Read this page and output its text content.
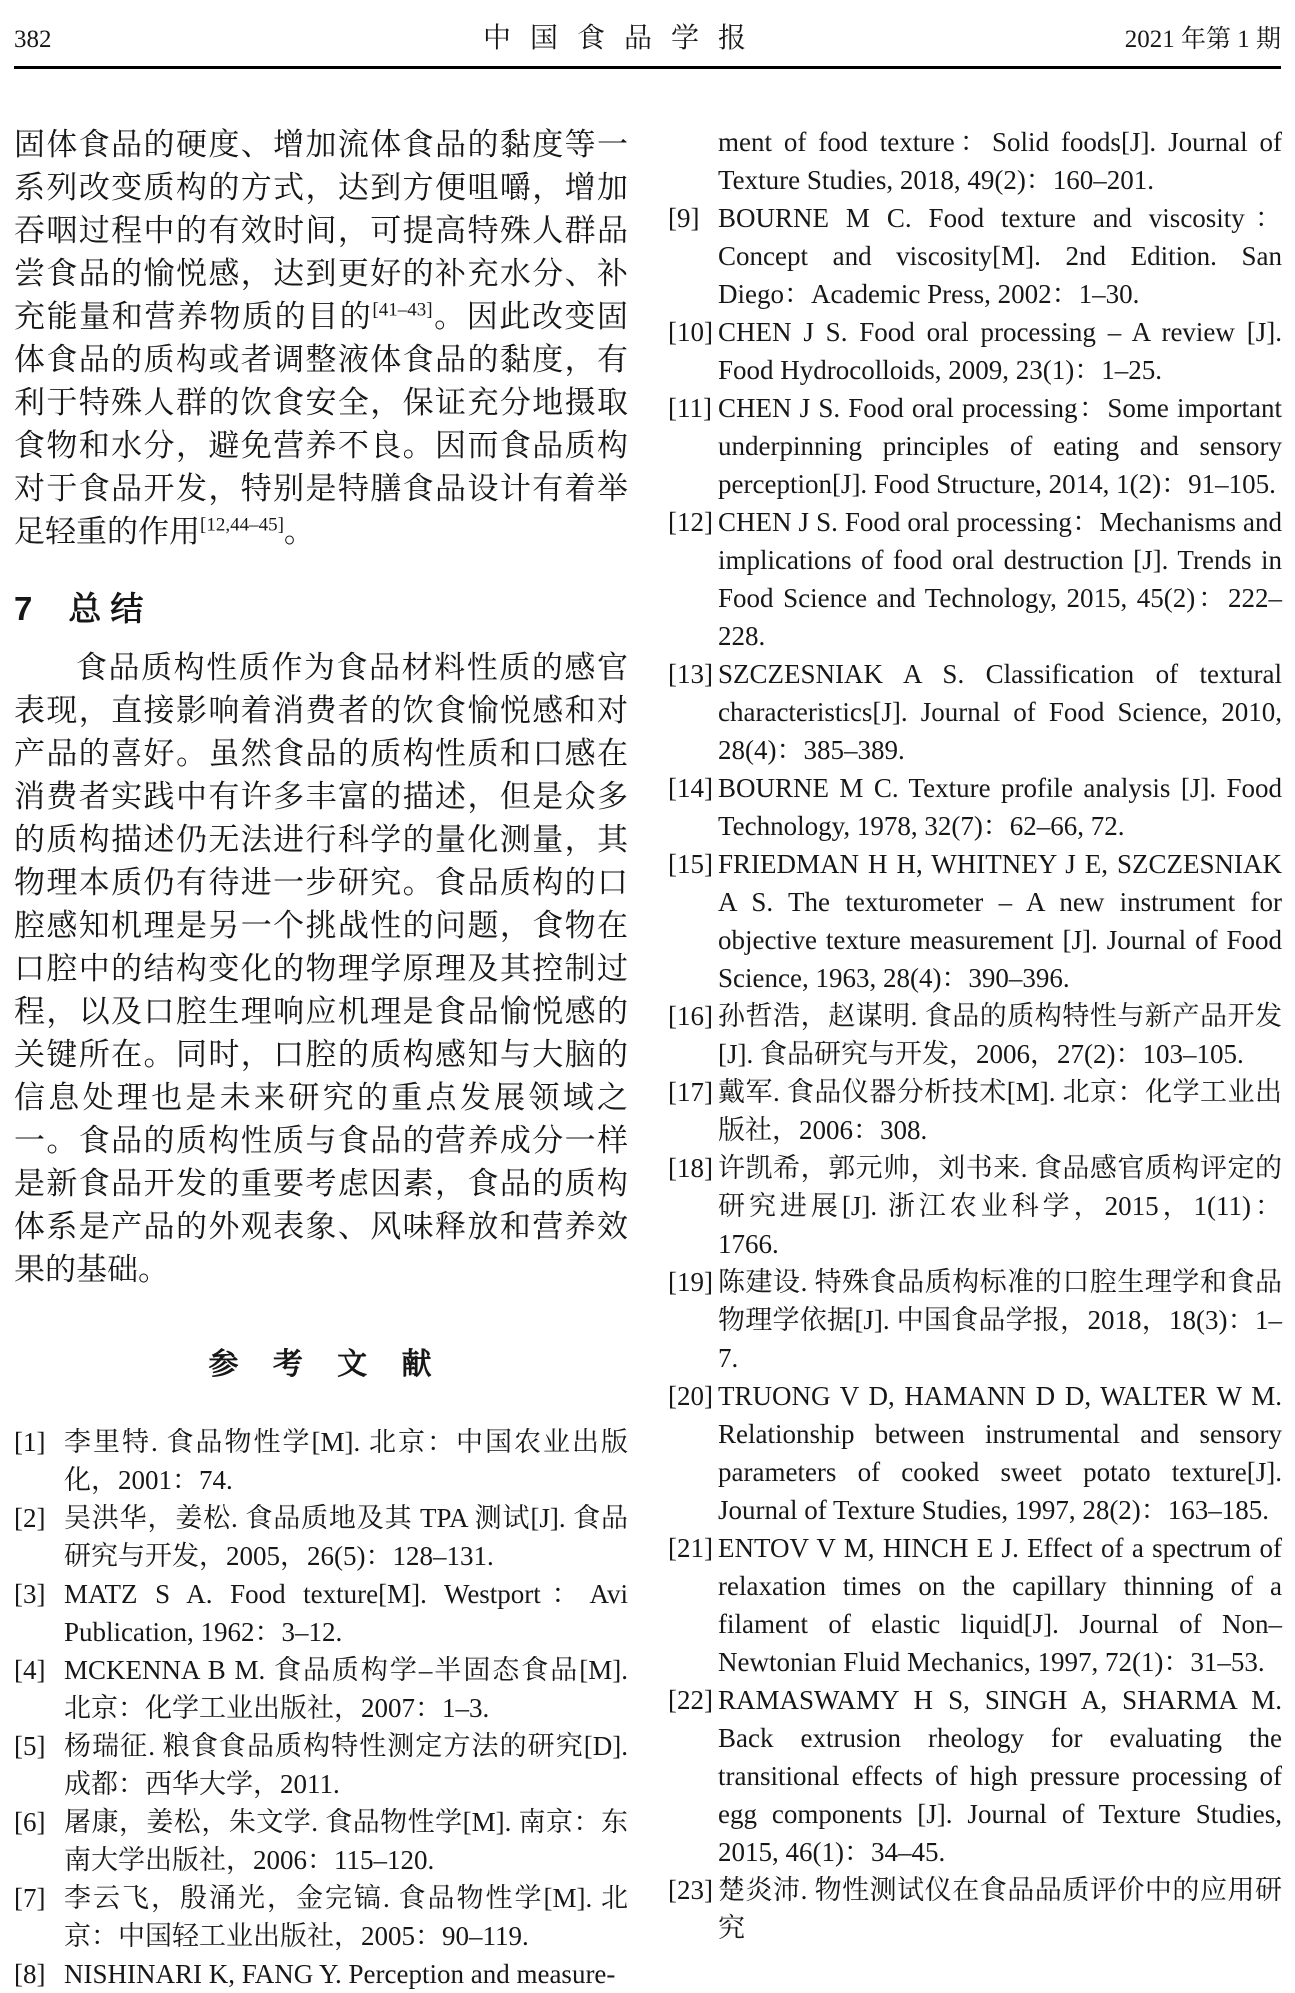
382	中 国 食 品 学 报	2021 年第 1 期

固体食品的硬度、增加流体食品的黏度等一系列改变质构的方式，达到方便咀嚼，增加吞咽过程中的有效时间，可提高特殊人群品尝食品的愉悦感，达到更好的补充水分、补充能量和营养物质的目的[41–43]。因此改变固体食品的质构或者调整液体食品的黏度，有利于特殊人群的饮食安全，保证充分地摄取食物和水分，避免营养不良。因而食品质构对于食品开发，特别是特膳食品设计有着举足轻重的作用[12,44–45]。

7 总结

食品质构性质作为食品材料性质的感官表现，直接影响着消费者的饮食愉悦感和对产品的喜好。虽然食品的质构性质和口感在消费者实践中有许多丰富的描述，但是众多的质构描述仍无法进行科学的量化测量，其物理本质仍有待进一步研究。食品质构的口腔感知机理是另一个挑战性的问题，食物在口腔中的结构变化的物理学原理及其控制过程，以及口腔生理响应机理是食品愉悦感的关键所在。同时，口腔的质构感知与大脑的信息处理也是未来研究的重点发展领域之一。食品的质构性质与食品的营养成分一样是新食品开发的重要考虑因素，食品的质构体系是产品的外观表象、风味释放和营养效果的基础。

参 考 文 献
[1] 李里特. 食品物性学[M]. 北京：中国农业出版化，2001：74.
[2] 吴洪华，姜松. 食品质地及其 TPA 测试[J]. 食品研究与开发，2005，26(5)：128–131.
[3] MATZ S A. Food texture[M]. Westport：Avi Publication, 1962：3–12.
[4] MCKENNA B M. 食品质构学–半固态食品[M]. 北京：化学工业出版社，2007：1–3.
[5] 杨瑞征. 粮食食品质构特性测定方法的研究[D]. 成都：西华大学，2011.
[6] 屠康，姜松，朱文学. 食品物性学[M]. 南京：东南大学出版社，2006：115–120.
[7] 李云飞，殷涌光，金完镐. 食品物性学[M]. 北京：中国轻工业出版社，2005：90–119.
[8] NISHINARI K, FANG Y. Perception and measure-
ment of food texture：Solid foods[J]. Journal of Texture Studies, 2018, 49(2)：160–201.
[9] BOURNE M C. Food texture and viscosity：Concept and viscosity[M]. 2nd Edition. San Diego：Academic Press, 2002：1–30.
[10] CHEN J S. Food oral processing – A review [J]. Food Hydrocolloids, 2009, 23(1)：1–25.
[11] CHEN J S. Food oral processing：Some important underpinning principles of eating and sensory perception[J]. Food Structure, 2014, 1(2)：91–105.
[12] CHEN J S. Food oral processing：Mechanisms and implications of food oral destruction [J]. Trends in Food Science and Technology, 2015, 45(2)：222–228.
[13] SZCZESNIAK A S. Classification of textural characteristics[J]. Journal of Food Science, 2010, 28(4)：385–389.
[14] BOURNE M C. Texture profile analysis [J]. Food Technology, 1978, 32(7)：62–66, 72.
[15] FRIEDMAN H H, WHITNEY J E, SZCZESNIAK A S. The texturometer – A new instrument for objective texture measurement [J]. Journal of Food Science, 1963, 28(4)：390–396.
[16] 孙哲浩，赵谋明. 食品的质构特性与新产品开发[J]. 食品研究与开发，2006，27(2)：103–105.
[17] 戴军. 食品仪器分析技术[M]. 北京：化学工业出版社，2006：308.
[18] 许凯希，郭元帅，刘书来. 食品感官质构评定的研究进展[J]. 浙江农业科学，2015，1(11)：1766.
[19] 陈建设. 特殊食品质构标准的口腔生理学和食品物理学依据[J]. 中国食品学报，2018，18(3)：1–7.
[20] TRUONG V D, HAMANN D D, WALTER W M. Relationship between instrumental and sensory parameters of cooked sweet potato texture[J]. Journal of Texture Studies, 1997, 28(2)：163–185.
[21] ENTOV V M, HINCH E J. Effect of a spectrum of relaxation times on the capillary thinning of a filament of elastic liquid[J]. Journal of Non–Newtonian Fluid Mechanics, 1997, 72(1)：31–53.
[22] RAMASWAMY H S, SINGH A, SHARMA M. Back extrusion rheology for evaluating the transitional effects of high pressure processing of egg components [J]. Journal of Texture Studies, 2015, 46(1)：34–45.
[23] 楚炎沛. 物性测试仪在食品品质评价中的应用研究
